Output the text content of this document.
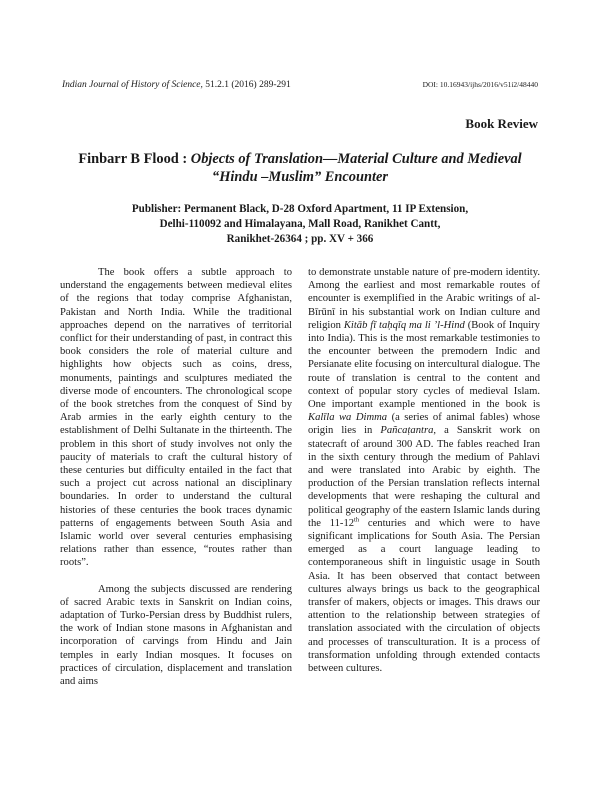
Indian Journal of History of Science, 51.2.1 (2016) 289-291	DOI: 10.16943/ijhs/2016/v51i2/48440
Book Review
Finbarr B Flood : Objects of Translation—Material Culture and Medieval “Hindu –Muslim” Encounter
Publisher: Permanent Black, D-28 Oxford Apartment, 11 IP Extension,
Delhi-110092 and Himalayana, Mall Road, Ranikhet Cantt,
Ranikhet-26364 ; pp. XV + 366

The book offers a subtle approach to understand the engagements between medieval elites of the regions that today comprise Afghanistan, Pakistan and North India. While the traditional approaches depend on the narratives of territorial conflict for their understanding of past, in contract this book considers the role of material culture and highlights how objects such as coins, dress, monuments, paintings and sculptures mediated the diverse mode of encounters. The chronological scope of the book stretches from the conquest of Sind by Arab armies in the early eighth century to the establishment of Delhi Sultanate in the thirteenth. The problem in this short of study involves not only the paucity of materials to craft the cultural history of these centuries but difficulty entailed in the fact that such a project cut across national an disciplinary boundaries. In order to understand the cultural histories of these centuries the book traces dynamic patterns of engagements between South Asia and Islamic world over several centuries emphasising relations rather than essence, “routes rather than roots”.

Among the subjects discussed are rendering of sacred Arabic texts in Sanskrit on Indian coins, adaptation of Turko-Persian dress by Buddhist rulers, the work of Indian stone masons in Afghanistan and incorporation of carvings from Hindu and Jain temples in early Indian mosques. It focuses on practices of circulation, displacement and translation and aims

to demonstrate unstable nature of pre-modern identity. Among the earliest and most remarkable routes of encounter is exemplified in the Arabic writings of al- Bīrūnī in his substantial work on Indian culture and religion Kitāb fī taḥqīq ma li ’l-Hind (Book of Inquiry into India). This is the most remarkable testimonies to the encounter between the premodern Indic and Persianate elite focusing on intercultural dialogue. The route of translation is central to the content and context of popular story cycles of medieval Islam. One important example mentioned in the book is Kalīla wa Dimma (a series of animal fables) whose origin lies in Pañcaṭantra, a Sanskrit work on statecraft of around 300 AD. The fables reached Iran in the sixth century through the medium of Pahlavi and were translated into Arabic by eighth. The production of the Persian translation reflects internal developments that were reshaping the cultural and political geography of the eastern Islamic lands during the 11-12th centuries and which were to have significant implications for South Asia. The Persian emerged as a court language leading to contemporaneous shift in linguistic usage in South Asia. It has been observed that contact between cultures always brings us back to the geographical transfer of makers, objects or images. This draws our attention to the relationship between strategies of translation associated with the circulation of objects and processes of transculturation. It is a process of transformation unfolding through extended contacts between cultures.
